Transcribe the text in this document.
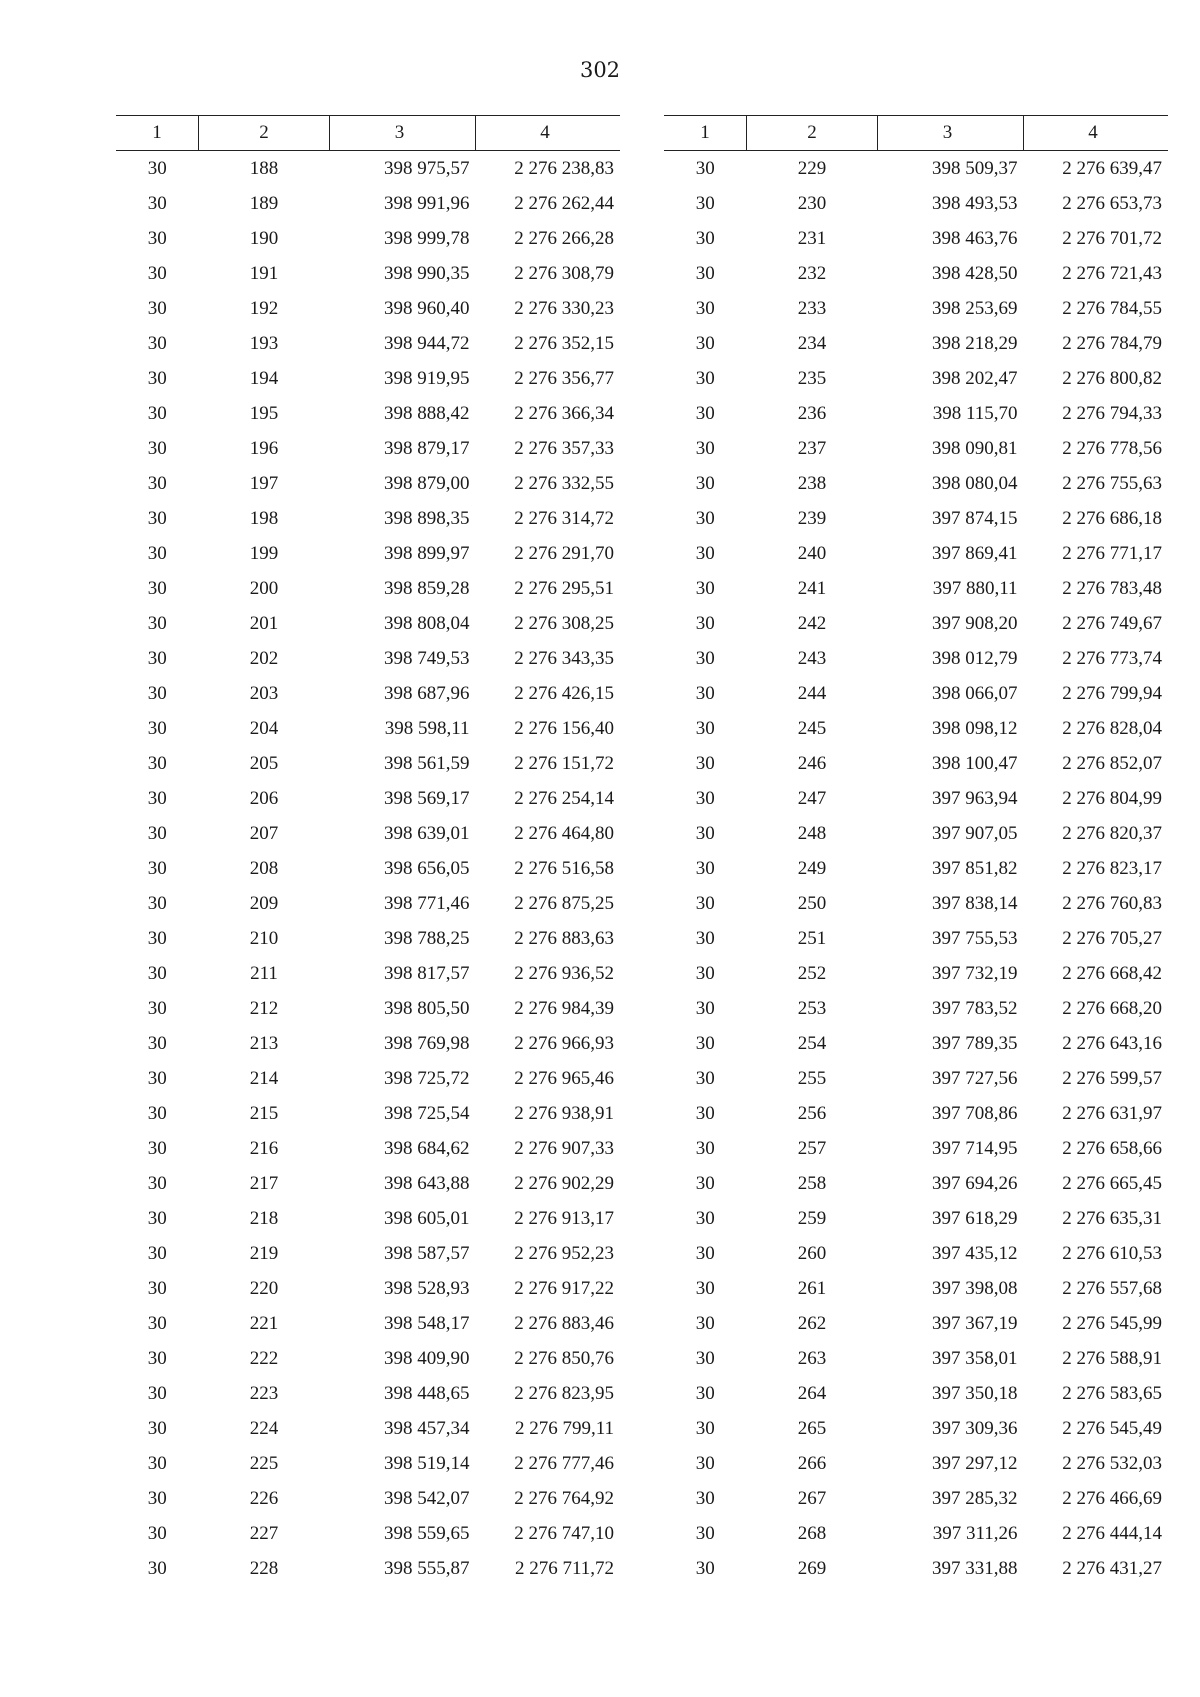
302
1	2	3	4
30	188	398 975,57	2 276 238,83
30	189	398 991,96	2 276 262,44
30	190	398 999,78	2 276 266,28
30	191	398 990,35	2 276 308,79
30	192	398 960,40	2 276 330,23
30	193	398 944,72	2 276 352,15
30	194	398 919,95	2 276 356,77
30	195	398 888,42	2 276 366,34
30	196	398 879,17	2 276 357,33
30	197	398 879,00	2 276 332,55
30	198	398 898,35	2 276 314,72
30	199	398 899,97	2 276 291,70
30	200	398 859,28	2 276 295,51
30	201	398 808,04	2 276 308,25
30	202	398 749,53	2 276 343,35
30	203	398 687,96	2 276 426,15
30	204	398 598,11	2 276 156,40
30	205	398 561,59	2 276 151,72
30	206	398 569,17	2 276 254,14
30	207	398 639,01	2 276 464,80
30	208	398 656,05	2 276 516,58
30	209	398 771,46	2 276 875,25
30	210	398 788,25	2 276 883,63
30	211	398 817,57	2 276 936,52
30	212	398 805,50	2 276 984,39
30	213	398 769,98	2 276 966,93
30	214	398 725,72	2 276 965,46
30	215	398 725,54	2 276 938,91
30	216	398 684,62	2 276 907,33
30	217	398 643,88	2 276 902,29
30	218	398 605,01	2 276 913,17
30	219	398 587,57	2 276 952,23
30	220	398 528,93	2 276 917,22
30	221	398 548,17	2 276 883,46
30	222	398 409,90	2 276 850,76
30	223	398 448,65	2 276 823,95
30	224	398 457,34	2 276 799,11
30	225	398 519,14	2 276 777,46
30	226	398 542,07	2 276 764,92
30	227	398 559,65	2 276 747,10
30	228	398 555,87	2 276 711,72
1	2	3	4
30	229	398 509,37	2 276 639,47
30	230	398 493,53	2 276 653,73
30	231	398 463,76	2 276 701,72
30	232	398 428,50	2 276 721,43
30	233	398 253,69	2 276 784,55
30	234	398 218,29	2 276 784,79
30	235	398 202,47	2 276 800,82
30	236	398 115,70	2 276 794,33
30	237	398 090,81	2 276 778,56
30	238	398 080,04	2 276 755,63
30	239	397 874,15	2 276 686,18
30	240	397 869,41	2 276 771,17
30	241	397 880,11	2 276 783,48
30	242	397 908,20	2 276 749,67
30	243	398 012,79	2 276 773,74
30	244	398 066,07	2 276 799,94
30	245	398 098,12	2 276 828,04
30	246	398 100,47	2 276 852,07
30	247	397 963,94	2 276 804,99
30	248	397 907,05	2 276 820,37
30	249	397 851,82	2 276 823,17
30	250	397 838,14	2 276 760,83
30	251	397 755,53	2 276 705,27
30	252	397 732,19	2 276 668,42
30	253	397 783,52	2 276 668,20
30	254	397 789,35	2 276 643,16
30	255	397 727,56	2 276 599,57
30	256	397 708,86	2 276 631,97
30	257	397 714,95	2 276 658,66
30	258	397 694,26	2 276 665,45
30	259	397 618,29	2 276 635,31
30	260	397 435,12	2 276 610,53
30	261	397 398,08	2 276 557,68
30	262	397 367,19	2 276 545,99
30	263	397 358,01	2 276 588,91
30	264	397 350,18	2 276 583,65
30	265	397 309,36	2 276 545,49
30	266	397 297,12	2 276 532,03
30	267	397 285,32	2 276 466,69
30	268	397 311,26	2 276 444,14
30	269	397 331,88	2 276 431,27
